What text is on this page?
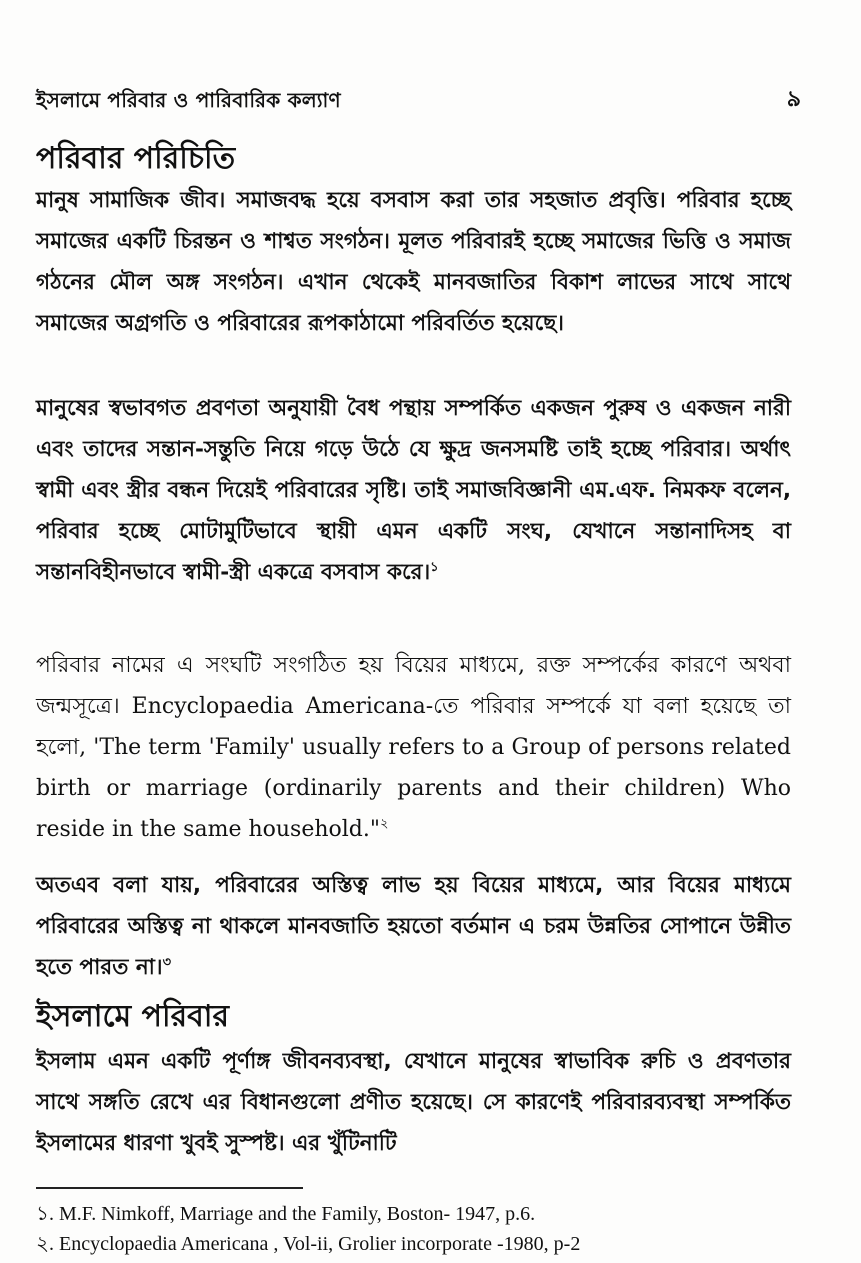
ইসলামে পরিবার ও পারিবারিক কল্যাণ	৯
পরিবার পরিচিতি

মানুষ সামাজিক জীব। সমাজবদ্ধ হয়ে বসবাস করা তার সহজাত প্রবৃত্তি। পরিবার হচ্ছে সমাজের একটি চিরন্তন ও শাশ্বত সংগঠন। মূলত পরিবারই হচ্ছে সমাজের ভিত্তি ও সমাজ গঠনের মৌল অঙ্গ সংগঠন। এখান থেকেই মানবজাতির বিকাশ লাভের সাথে সাথে সমাজের অগ্রগতি ও পরিবারের রূপকাঠামো পরিবর্তিত হয়েছে।

মানুষের স্বভাবগত প্রবণতা অনুযায়ী বৈধ পন্থায় সম্পর্কিত একজন পুরুষ ও একজন নারী এবং তাদের সন্তান-সন্তুতি নিয়ে গড়ে উঠে যে ক্ষুদ্র জনসমষ্টি তাই হচ্ছে পরিবার। অর্থাৎ স্বামী এবং স্ত্রীর বন্ধন দিয়েই পরিবারের সৃষ্টি। তাই সমাজবিজ্ঞানী এম.এফ. নিমকফ বলেন, পরিবার হচ্ছে মোটামুটিভাবে স্থায়ী এমন একটি সংঘ, যেখানে সন্তানাদিসহ বা সন্তানবিহীনভাবে স্বামী-স্ত্রী একত্রে বসবাস করে।$^১$

পরিবার নামের এ সংঘটি সংগঠিত হয় বিয়ের মাধ্যমে, রক্ত সম্পর্কের কারণে অথবা জন্মসূত্রে। Encyclopaedia Americana-তে পরিবার সম্পর্কে যা বলা হয়েছে তা হলো, 'The term 'Family' usually refers to a Group of persons related birth or marriage (ordinarily parents and their children) Who reside in the same household."$^২$

অতএব বলা যায়, পরিবারের অস্তিত্ব লাভ হয় বিয়ের মাধ্যমে, আর বিয়ের মাধ্যমে পরিবারের অস্তিত্ব না থাকলে মানবজাতি হয়তো বর্তমান এ চরম উন্নতির সোপানে উন্নীত হতে পারত না।$^৩$

ইসলামে পরিবার

ইসলাম এমন একটি পূর্ণাঙ্গ জীবনব্যবস্থা, যেখানে মানুষের স্বাভাবিক রুচি ও প্রবণতার সাথে সঙ্গতি রেখে এর বিধানগুলো প্রণীত হয়েছে। সে কারণেই পরিবারব্যবস্থা সম্পর্কিত ইসলামের ধারণা খুবই সুস্পষ্ট। এর খুঁটিনাটি

১. M.F. Nimkoff, Marriage and the Family, Boston- 1947, p.6.
২. Encyclopaedia Americana , Vol-ii, Grolier incorporate -1980, p-2
